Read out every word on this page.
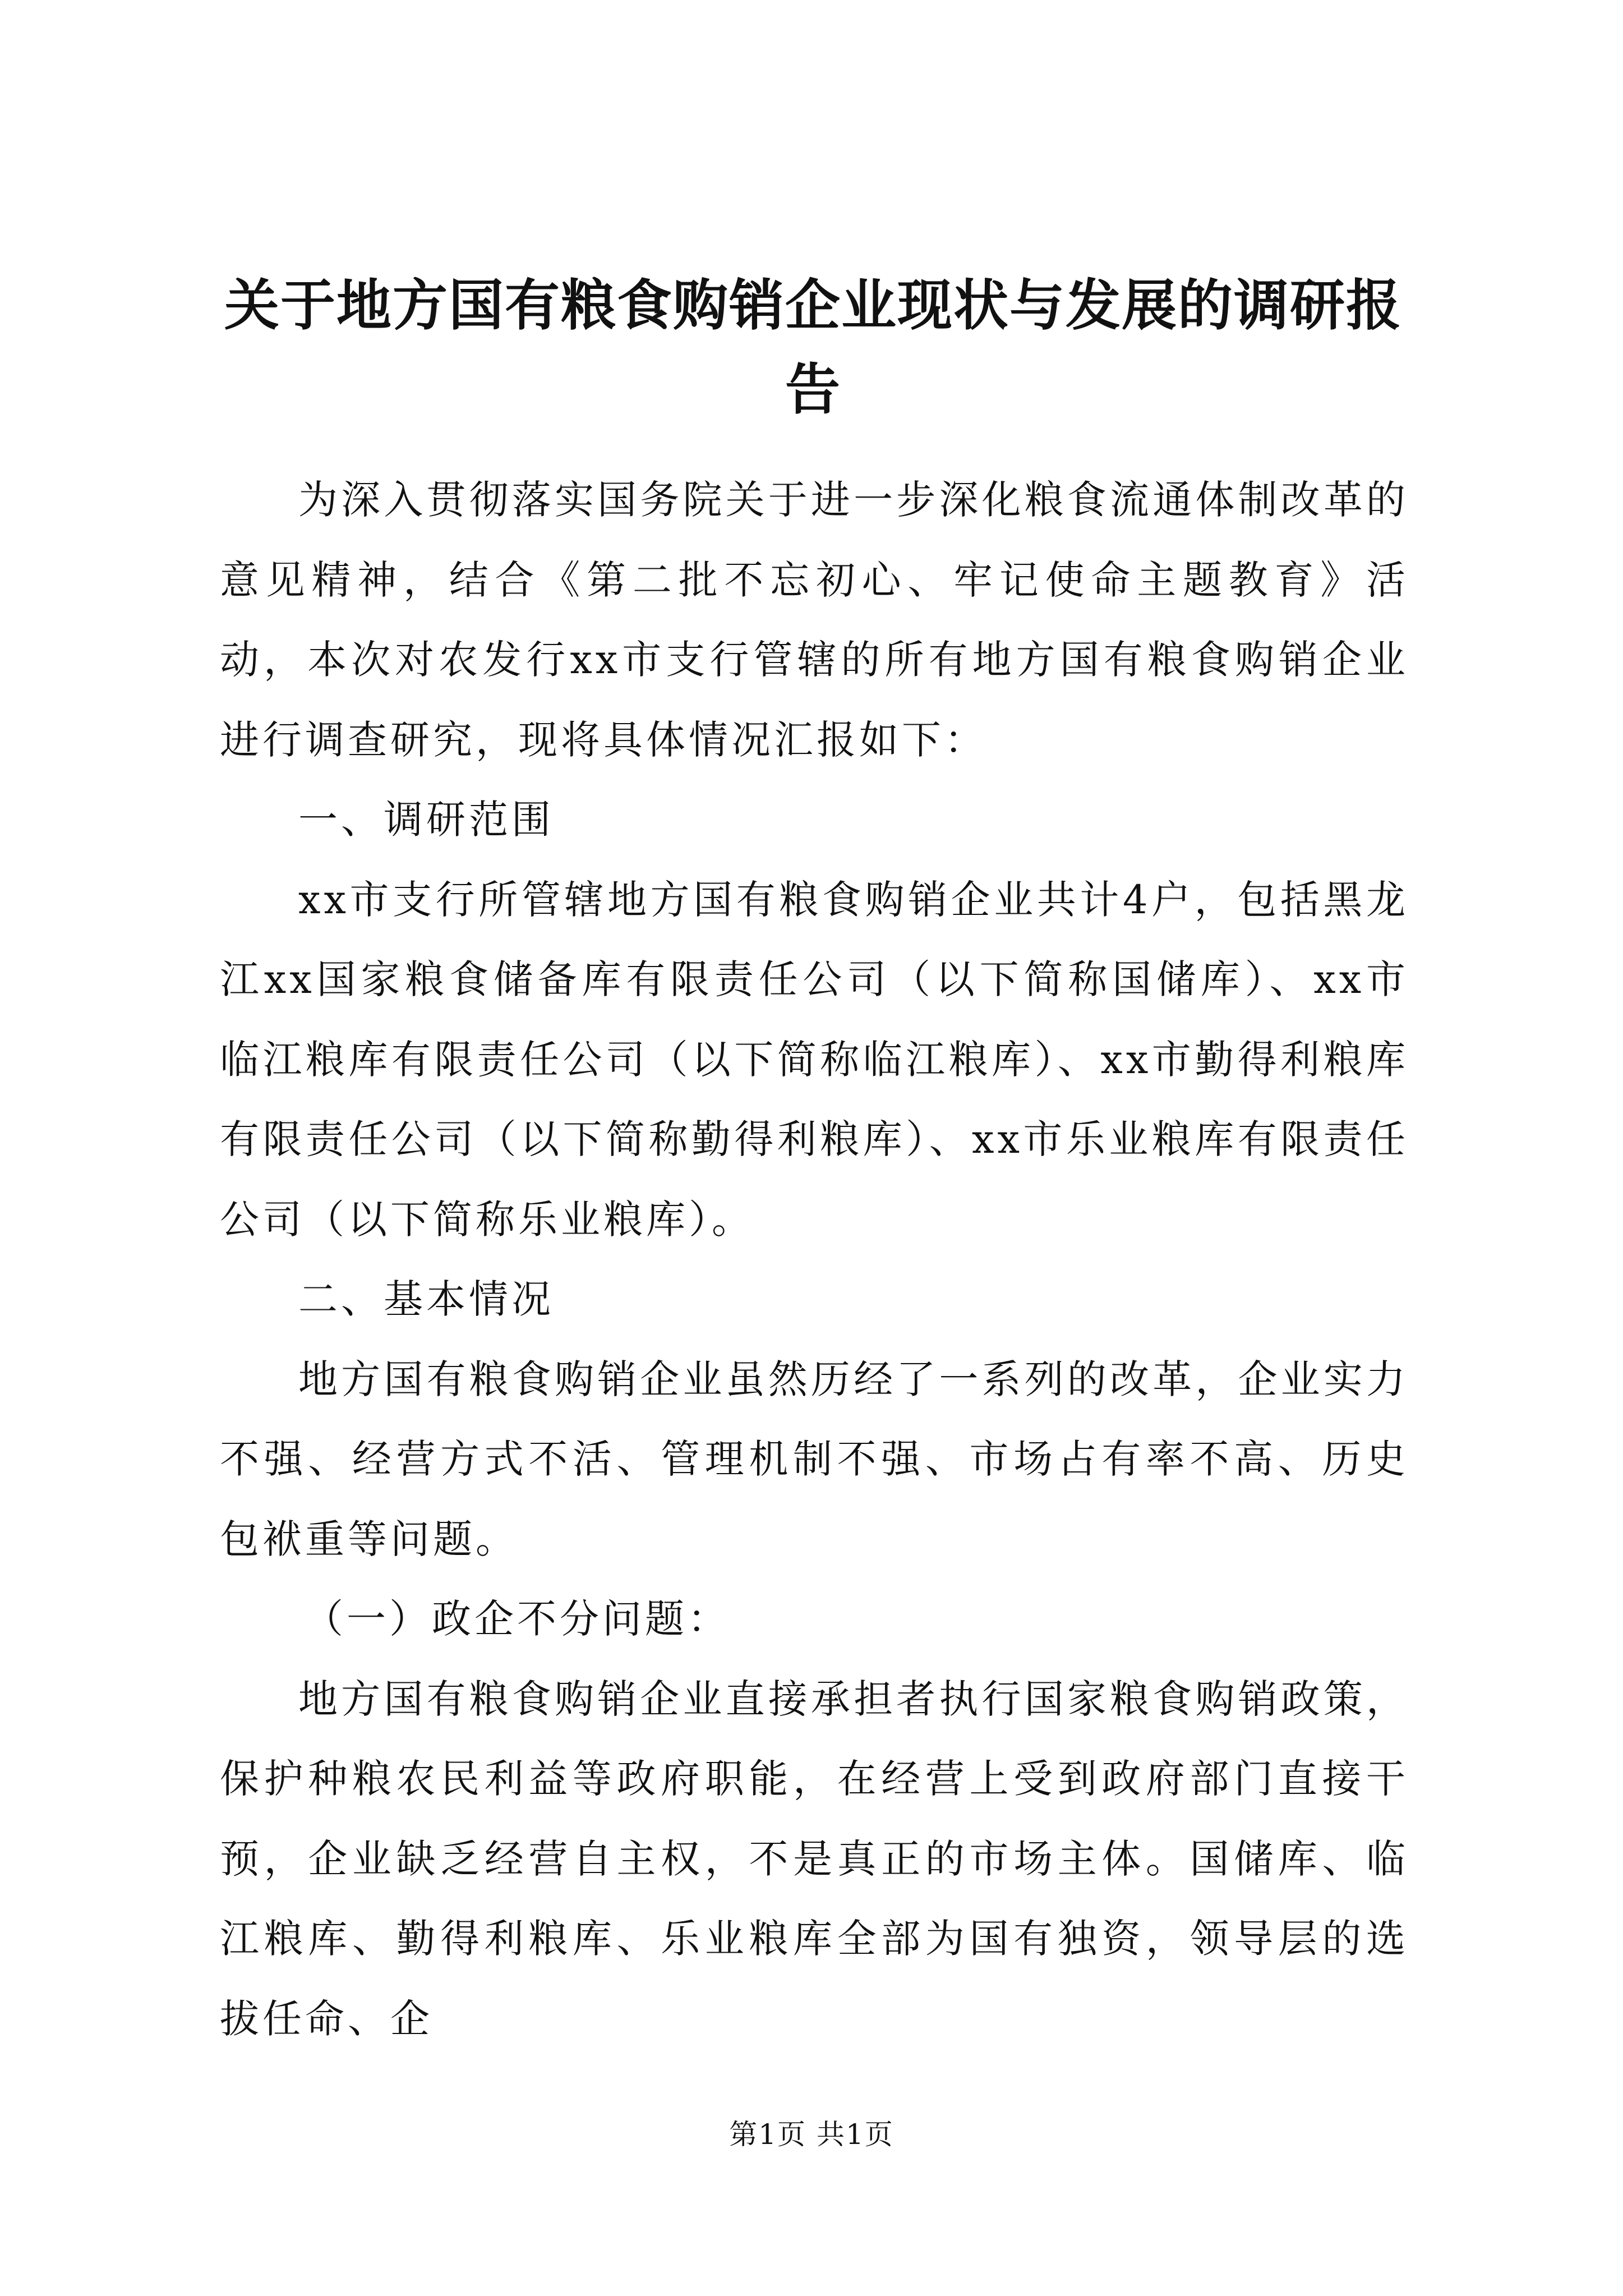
关于地方国有粮食购销企业现状与发展的调研报告

为深入贯彻落实国务院关于进一步深化粮食流通体制改革的意见精神，结合《第二批不忘初心、牢记使命主题教育》活动，本次对农发行xx市支行管辖的所有地方国有粮食购销企业进行调查研究，现将具体情况汇报如下：

一、调研范围

xx市支行所管辖地方国有粮食购销企业共计4户，包括黑龙江xx国家粮食储备库有限责任公司（以下简称国储库）、xx市临江粮库有限责任公司（以下简称临江粮库）、xx市勤得利粮库有限责任公司（以下简称勤得利粮库）、xx市乐业粮库有限责任公司（以下简称乐业粮库）。

二、基本情况

地方国有粮食购销企业虽然历经了一系列的改革，企业实力不强、经营方式不活、管理机制不强、市场占有率不高、历史包袱重等问题。

（一）政企不分问题：

地方国有粮食购销企业直接承担者执行国家粮食购销政策，保护种粮农民利益等政府职能，在经营上受到政府部门直接干预，企业缺乏经营自主权，不是真正的市场主体。国储库、临江粮库、勤得利粮库、乐业粮库全部为国有独资，领导层的选拔任命、企

第1页 共1页
